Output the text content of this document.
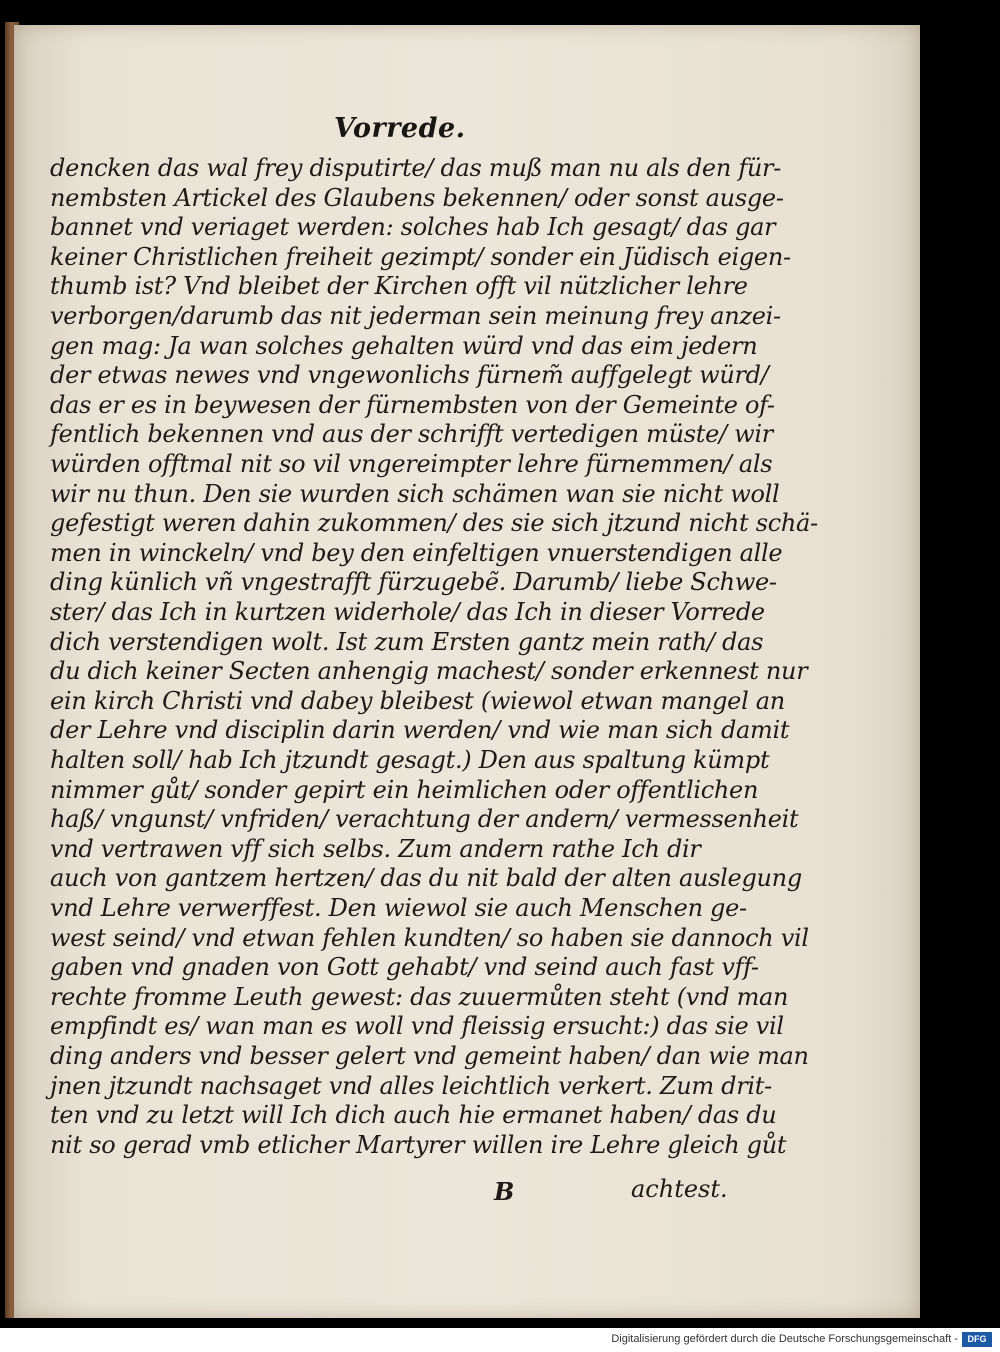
Vorrede.
dencken das wal frey disputirte/ das muß man nu als den für-
nembsten Artickel des Glaubens bekennen/ oder sonst ausge-
bannet vnd veriaget werden: solches hab Ich gesagt/ das gar
keiner Christlichen freiheit gezimpt/ sonder ein Jüdisch eigen-
thumb ist? Vnd bleibet der Kirchen offt vil nützlicher lehre
verborgen/darumb das nit jederman sein meinung frey anzei-
gen mag: Ja wan solches gehalten würd vnd das eim jedern
der etwas newes vnd vngewonlichs fürnem̃ auffgelegt würd/
das er es in beywesen der fürnembsten von der Gemeinte of-
fentlich bekennen vnd aus der schrifft vertedigen müste/ wir
würden offtmal nit so vil vngereimpter lehre fürnemmen/ als
wir nu thun. Den sie wurden sich schämen wan sie nicht woll
gefestigt weren dahin zukommen/ des sie sich jtzund nicht schä-
men in winckeln/ vnd bey den einfeltigen vnuerstendigen alle
ding künlich vñ vngestrafft fürzugebẽ. Darumb/ liebe Schwe-
ster/ das Ich in kurtzen widerhole/ das Ich in dieser Vorrede
dich verstendigen wolt. Ist zum Ersten gantz mein rath/ das
du dich keiner Secten anhengig machest/ sonder erkennest nur
ein kirch Christi vnd dabey bleibest (wiewol etwan mangel an
der Lehre vnd disciplin darin werden/ vnd wie man sich damit
halten soll/ hab Ich jtzundt gesagt.) Den aus spaltung kümpt
nimmer gůt/ sonder gepirt ein heimlichen oder offentlichen
haß/ vngunst/ vnfriden/ verachtung der andern/ vermessenheit
vnd vertrawen vff sich selbs. Zum andern rathe Ich dir
auch von gantzem hertzen/ das du nit bald der alten auslegung
vnd Lehre verwerffest. Den wiewol sie auch Menschen ge-
west seind/ vnd etwan fehlen kundten/ so haben sie dannoch vil
gaben vnd gnaden von Gott gehabt/ vnd seind auch fast vff-
rechte fromme Leuth gewest: das zuuermůten steht (vnd man
empfindt es/ wan man es woll vnd fleissig ersucht:) das sie vil
ding anders vnd besser gelert vnd gemeint haben/ dan wie man
jnen jtzundt nachsaget vnd alles leichtlich verkert. Zum drit-
ten vnd zu letzt will Ich dich auch hie ermanet haben/ das du
nit so gerad vmb etlicher Martyrer willen ire Lehre gleich gůt
B	achtest.
Digitalisierung gefördert durch die Deutsche Forschungsgemeinschaft -	DFG
